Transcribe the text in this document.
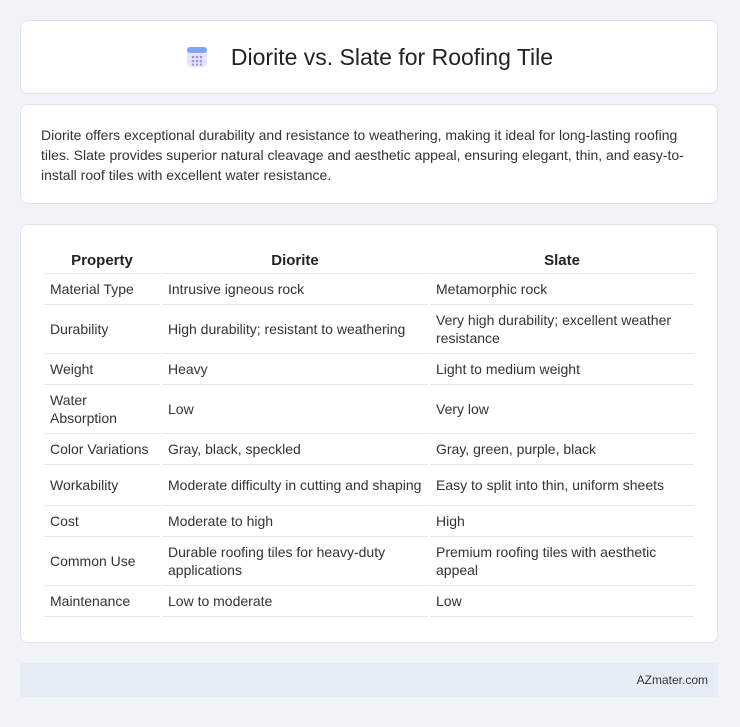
Diorite vs. Slate for Roofing Tile

Diorite offers exceptional durability and resistance to weathering, making it ideal for long-lasting roofing tiles. Slate provides superior natural cleavage and aesthetic appeal, ensuring elegant, thin, and easy-to-install roof tiles with excellent water resistance.

Property	Diorite	Slate
Material Type	Intrusive igneous rock	Metamorphic rock
Durability	High durability; resistant to weathering	Very high durability; excellent weather resistance
Weight	Heavy	Light to medium weight
Water Absorption	Low	Very low
Color Variations	Gray, black, speckled	Gray, green, purple, black
Workability	Moderate difficulty in cutting and shaping	Easy to split into thin, uniform sheets
Cost	Moderate to high	High
Common Use	Durable roofing tiles for heavy-duty applications	Premium roofing tiles with aesthetic appeal
Maintenance	Low to moderate	Low
AZmater.com
